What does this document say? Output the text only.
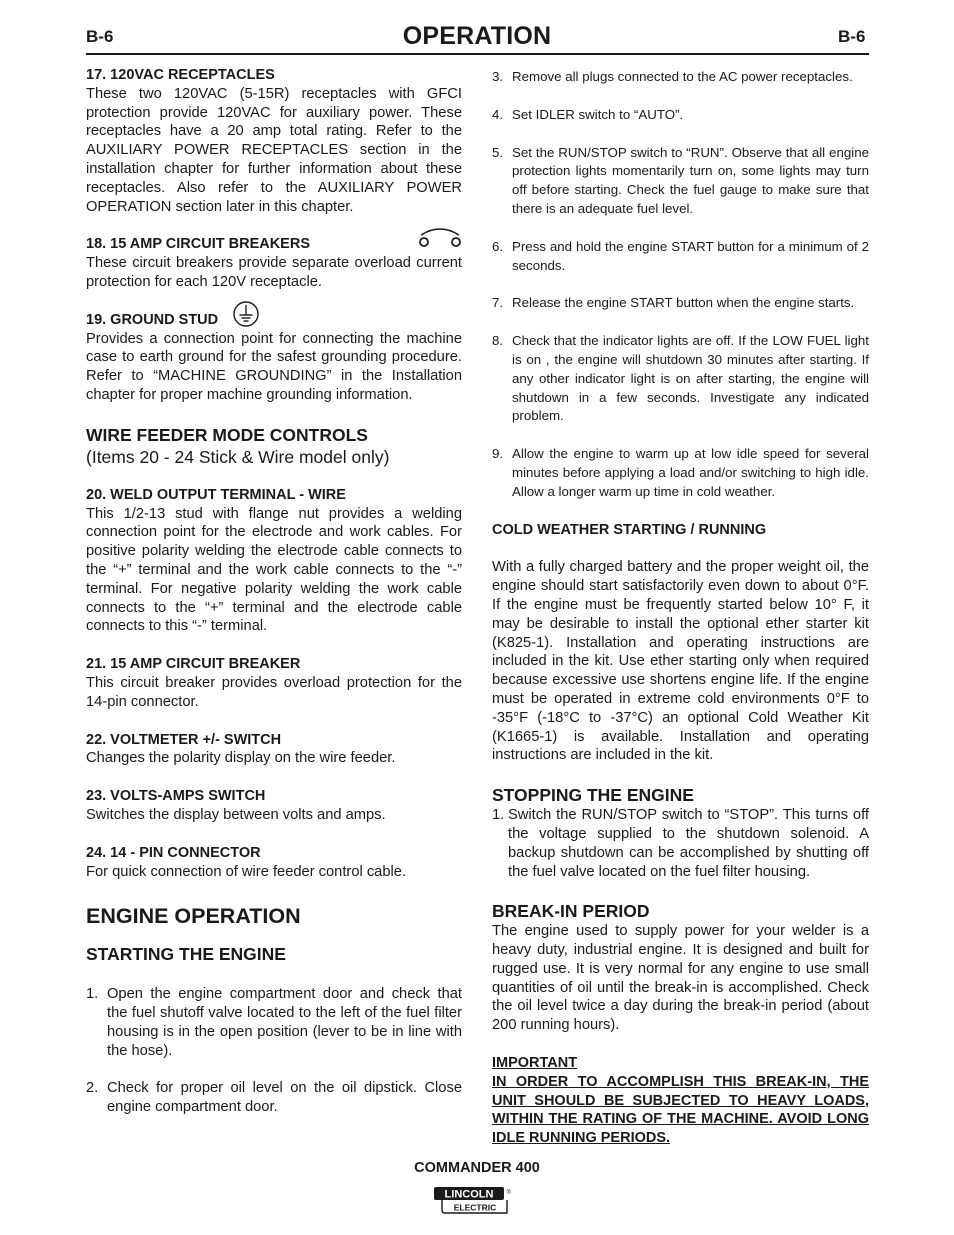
B-6	OPERATION	B-6
17. 120VAC RECEPTACLES
These two 120VAC (5-15R) receptacles with GFCI protection provide 120VAC for auxiliary power. These receptacles have a 20 amp total rating. Refer to the AUXILIARY POWER RECEPTACLES section in the installation chapter for further information about these receptacles. Also refer to the AUXILIARY POWER OPERATION section later in this chapter.
18. 15 AMP CIRCUIT BREAKERS
These circuit breakers provide separate overload current protection for each 120V receptacle.
19. GROUND STUD
Provides a connection point for connecting the machine case to earth ground for the safest grounding procedure. Refer to “MACHINE GROUNDING” in the Installation chapter for proper machine grounding information.
WIRE FEEDER MODE CONTROLS
(Items 20 - 24 Stick & Wire model only)
20. WELD OUTPUT TERMINAL - WIRE
This 1/2-13 stud with flange nut provides a welding connection point for the electrode and work cables. For positive polarity welding the electrode cable connects to the “+” terminal and the work cable connects to the “-” terminal. For negative polarity welding the work cable connects to the “+” terminal and the electrode cable connects to this “-” terminal.
21. 15 AMP CIRCUIT BREAKER
This circuit breaker provides overload protection for the 14-pin connector.
22. VOLTMETER +/- SWITCH
Changes the polarity display on the wire feeder.
23. VOLTS-AMPS SWITCH
Switches the display between volts and amps.
24. 14 - PIN CONNECTOR
For quick connection of wire feeder control cable.
ENGINE OPERATION
STARTING THE ENGINE
1. Open the engine compartment door and check that the fuel shutoff valve located to the left of the fuel filter housing is in the open position (lever to be in line with the hose).
2. Check for proper oil level on the oil dipstick. Close engine compartment door.
3. Remove all plugs connected to the AC power receptacles.
4. Set IDLER switch to “AUTO”.
5. Set the RUN/STOP switch to “RUN”. Observe that all engine protection lights momentarily turn on, some lights may turn off before starting. Check the fuel gauge to make sure that there is an adequate fuel level.
6. Press and hold the engine START button for a minimum of 2 seconds.
7. Release the engine START button when the engine starts.
8. Check that the indicator lights are off. If the LOW FUEL light is on , the engine will shutdown 30 minutes after starting. If any other indicator light is on after starting, the engine will shutdown in a few seconds. Investigate any indicated problem.
9. Allow the engine to warm up at low idle speed for several minutes before applying a load and/or switching to high idle. Allow a longer warm up time in cold weather.
COLD WEATHER STARTING / RUNNING
With a fully charged battery and the proper weight oil, the engine should start satisfactorily even down to about 0°F. If the engine must be frequently started below 10° F, it may be desirable to install the optional ether starter kit (K825-1). Installation and operating instructions are included in the kit. Use ether starting only when required because excessive use shortens engine life. If the engine must be operated in extreme cold environments 0°F to -35°F (-18°C to -37°C) an optional Cold Weather Kit (K1665-1) is available. Installation and operating instructions are included in the kit.
STOPPING THE ENGINE
1. Switch the RUN/STOP switch to “STOP”. This turns off the voltage supplied to the shutdown solenoid. A backup shutdown can be accomplished by shutting off the fuel valve located on the fuel filter housing.
BREAK-IN PERIOD
The engine used to supply power for your welder is a heavy duty, industrial engine. It is designed and built for rugged use. It is very normal for any engine to use small quantities of oil until the break-in is accomplished. Check the oil level twice a day during the break-in period (about 200 running hours).
IMPORTANT
IN ORDER TO ACCOMPLISH THIS BREAK-IN, THE UNIT SHOULD BE SUBJECTED TO HEAVY LOADS, WITHIN THE RATING OF THE MACHINE. AVOID LONG IDLE RUNNING PERIODS.
COMMANDER 400
LINCOLN
ELECTRIC
®
